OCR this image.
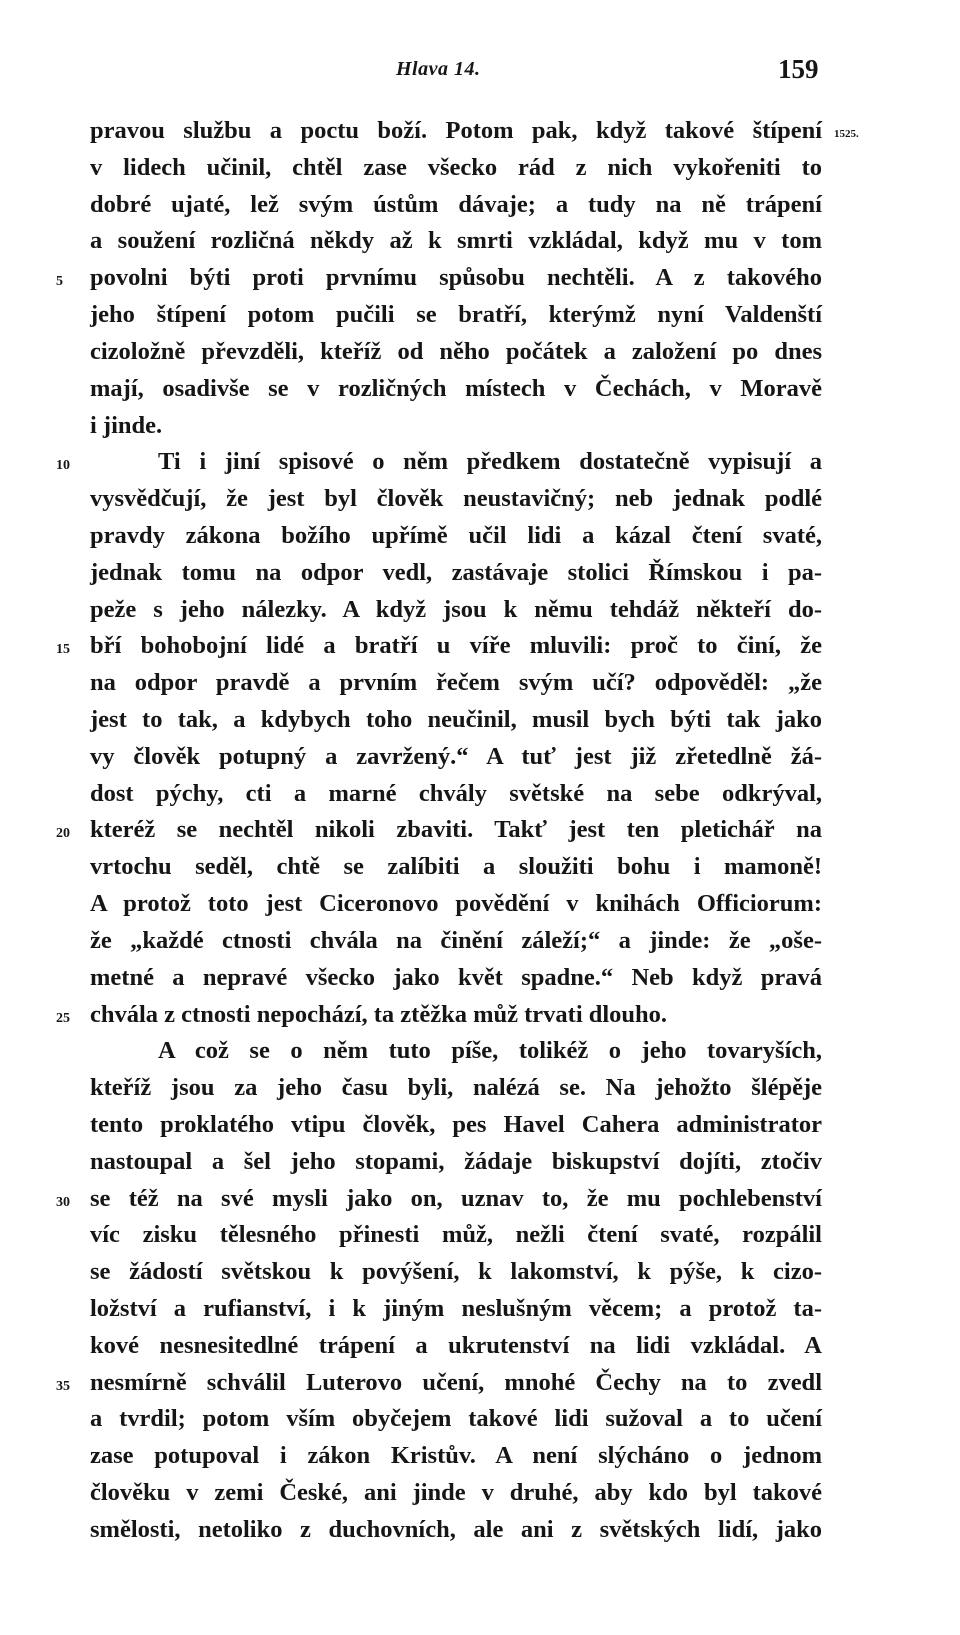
Hlava 14.	159
1525.
pravou službu a poctu boží. Potom pak, když takové štípení
v lidech učinil, chtěl zase všecko rád z nich vykořeniti to
dobré ujaté, lež svým ústům dávaje; a tudy na ně trápení
a soužení rozličná někdy až k smrti vzkládal, když mu v tom
5	povolni býti proti prvnímu spůsobu nechtěli. A z takového
jeho štípení potom pučili se bratří, kterýmž nyní Valdenští
cizoložně převzděli, kteříž od něho počátek a založení po dnes
mají, osadivše se v rozličných místech v Čechách, v Moravě
i jinde.
10	Ti i jiní spisové o něm předkem dostatečně vypisují a
vysvědčují, že jest byl člověk neustavičný; neb jednak podlé
pravdy zákona božího upřímě učil lidi a kázal čtení svaté,
jednak tomu na odpor vedl, zastávaje stolici Římskou i pa-
peže s jeho nálezky. A když jsou k němu tehdáž někteří do-
15 bří bohobojní lidé a bratří u víře mluvili: proč to činí, že
na odpor pravdě a prvním řečem svým učí? odpověděl: „že
jest to tak, a kdybych toho neučinil, musil bych býti tak jako
vy člověk potupný a zavržený.“ A tuť jest již zřetedlně žá-
dost pýchy, cti a marné chvály světské na sebe odkrýval,
20 kteréž se nechtěl nikoli zbaviti. Takť jest ten pletichář na
vrtochu seděl, chtě se zalíbiti a sloužiti bohu i mamoně!
A protož toto jest Ciceronovo povědění v knihách Officiorum:
že „každé ctnosti chvála na činění záleží;“ a jinde: že „oše-
metné a nepravé všecko jako květ spadne.“ Neb když pravá
25 chvála z ctnosti nepochází, ta ztěžka můž trvati dlouho.
A což se o něm tuto píše, tolikéž o jeho tovaryších,
kteříž jsou za jeho času byli, nalézá se. Na jehožto šlépěje
tento proklatého vtipu člověk, pes Havel Cahera administrator
nastoupal a šel jeho stopami, žádaje biskupství dojíti, ztočiv
30 se též na své mysli jako on, uznav to, že mu pochlebenství
víc zisku tělesného přinesti můž, nežli čtení svaté, rozpálil
se žádostí světskou k povýšení, k lakomství, k pýše, k cizo-
ložství a rufianství, i k jiným neslušným věcem; a protož ta-
kové nesnesitedlné trápení a ukrutenství na lidi vzkládal. A
35 nesmírně schválil Luterovo učení, mnohé Čechy na to zvedl
a tvrdil; potom vším obyčejem takové lidi sužoval a to učení
zase potupoval i zákon Kristův. A není slýcháno o jednom
člověku v zemi České, ani jinde v druhé, aby kdo byl takové
smělosti, netoliko z duchovních, ale ani z světských lidí, jako
